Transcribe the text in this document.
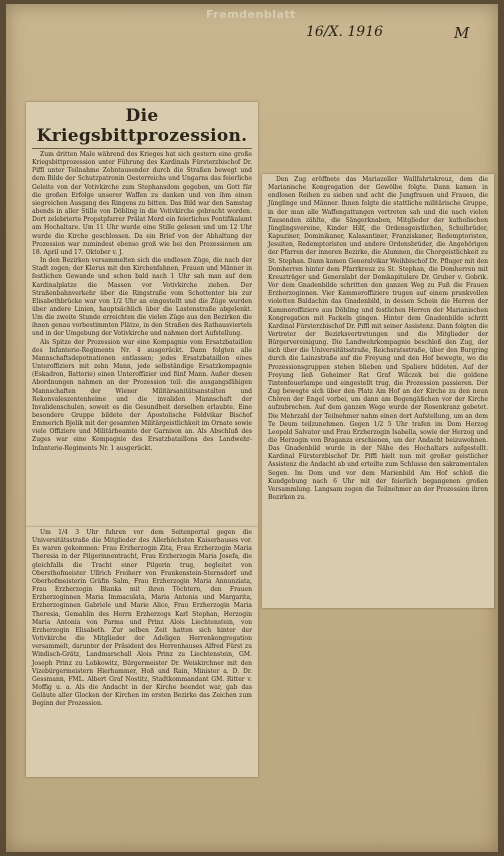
Fremdenblatt
16/X. 1916	M
Die Kriegsbittprozession.

Zum dritten Male während des Krieges hat sich gestern eine große Kriegsbittprozession unter Führung des Kardinals Fürsterzbischof Dr. Piffl unter Teilnahme Zehntausender durch die Straßen bewegt und dem Bilde der Schutzpatronin Oesterreichs und Ungarns das feierliche Geleite von der Votivkirche zum Stephansdom gegeben, um Gott für die großen Erfolge unserer Waffen zu danken und von ihm einen siegreichen Ausgang des Ringens zu bitten. Das Bild war den Samstag abends in aller Stille von Döbling in die Votivkirche gebracht worden. Dort zelebrierte Propstpfarrer Prälat Mord ein feierliches Pontifikalamt am Hochaltare. Um 11 Uhr wurde eine Stille gelesen und um 12 Uhr wurde die Kirche geschlossen. Da ein Brief von der Abhaltung der Prozession war zumindest ebenso groß wie bei den Prozessionen am 18. April und 17. Oktober v. J.

In den Bezirken versammelten sich die endlosen Züge, die nach der Stadt zogen; der Klerus mit den Kirchenfahnen, Frauen und Männer in festlichen Gewande und schon bald nach 1 Uhr sah man auf dem Kardinalplatze die Massen vor Votivkirche ziehen. Der Straßenbahnverkehr über die Ringstraße vom Schottentor bis zur Elisabethbrücke war von 1/2 Uhr an eingestellt und die Züge wurden über andere Linien, hauptsächlich über die Lastenstraße abgelenkt. Um die zweite Stunde erreichten die vielen Züge aus den Bezirken die ihnen genau vorbestimmten Plätze, in den Straßen des Rathausviertels und in der Umgebung der Votivkirche und nahmen dort Aufstellung.

Als Spitze der Prozession war eine Kompagnie vom Ersatzbataillon des Infanterie-Regiments Nr. 4 ausgerückt. Dann folgten alle Mannschaftsdepotnationen entlassen; jedes Ersatzbataillon eines Unteroffiziers mit zehn Mann, jede selbständige Ersatzkompagnie (Eskadron, Batterie) einen Unteroffizier und fünf Mann. Außer diesen Abordnungen nahmen an der Prozession teil: die ausgangsfähigen Mannschaften der Wiener Militärsanitätsanstalten und Rekonvaleszentenheime und die invaliden Mannschaft der Invalidenschulen, soweit es die Gesundheit derselben erlaubte. Eine besondere Gruppe bildete der Apostolische Feldvikar Bischof Emmerich Bjelik mit der gesamten Militärgeistlichkeit im Ornate sowie viele Offiziere und Militärbeamte der Garnison an. Als Abschluß des Zuges war eine Kompagnie des Ersatzbataillons des Landwehr-Infanterie-Regiments Nr. 1 ausgerückt.

Um 1/4 3 Uhr fuhren vor dem Seitenportal gegen die Universitätsstraße die Mitglieder des Allerhöchsten Kaiserhauses vor. Es waren gekommen: Frau Erzherzogin Zita, Frau Erzherzogin Maria Theresia in der Pilgerinnentracht, Frau Erzherzogin Maria Josefa, die gleichfalls die Tracht einer Pilgerin trug, begleitet von Obersthofmeister Ullrich Freiherr von Frankenstein-Sternsdorf und Oberhofmeisterin Gräfin Salm, Frau Erzherzogin Maria Annunziata, Frau Erzherzogin Blanka mit ihren Töchtern, den Frauen Erzherzoginnen Maria Immaculata, Maria Antonia und Margarita, Erzherzoginnen Gabriele und Marie Alice, Frau Erzherzogin Maria Theresia, Gemahlin des Herrn Erzherzogs Karl Stephan, Herzogin Maria Antonia von Parma und Prinz Alois Liechtenstein, von Erzherzogin Elisabeth. Zur selben Zeit hatten sich hinter der Votivkirche die Mitglieder der Adeligen Herrenkongregation versammelt, darunter der Präsident des Herrenhauses Alfred Fürst zu Windisch-Grätz, Landmarschall Alois Prinz zu Liechtenstein, GM. Joseph Prinz zu Lobkowitz, Bürgermeister Dr. Weiskirchner mit den Vizebürgermeistern Hierhammer, Hoß und Rain, Minister a. D. Dr. Gessmann, FML. Albert Graf Nostitz, Stadtkommandant GM. Ritter v. Moffig u. a. Als die Andacht in der Kirche beendet war, gab das Geläute aller Glocken der Kirchen im ersten Bezirke das Zeichen zum Beginn der Prozession.

Den Zug eröffnete das Mariazeller Wallfahrtskreuz, dem die Marianische Kongregation der Gewölbe folgte. Dann kamen in endlosen Reihen zu sieben und acht die Jungfrauen und Frauen, die Jünglinge und Männer. Ihnen folgte die stattliche militärische Gruppe, in der man alle Waffengattungen vertreten sah und die nach vielen Tausenden zählte, die Sängerknaben, Mitglieder der katholischen Jünglingsvereine, Kinder Hilf, die Ordensgeistlichen, Schulbrüder, Kapuziner, Dominikaner, Kalasantiner, Franziskaner, Redemptoristen, Jesuiten, Redemptoristen und andere Ordensbrüder, die Angehörigen der Pfarren der inneren Bezirke, die Alumnen, die Chorgeistlichkeit zu St. Stephan. Dann kamen Generalvikar Weihbischof Dr. Pfluger mit den Domherren hinter dem Pfarrkreuz zu St. Stephan, die Domherren mit Kreuzträger und Generalabt der Domkapitulare Dr. Gruber v. Gobrik. Vor dem Gnadenbilde schritten den ganzen Weg zu Fuß die Frauen Erzherzoginnen. Vier Kammeroffiziere trugen auf einem prunkvollen violetten Baldachin das Gnadenbild, in dessen Schein die Herren der Kammeroffiziere aus Döbling und festlichen Herren der Marianischen Kongregation mit Fackeln gingen. Hinter dem Gnadenbilde schritt Kardinal Fürsterzbischof Dr. Piffl mit seiner Assistenz. Dann folgten die Vertreter der Bezirksvertretungen und die Mitglieder der Bürgervereinigung. Die Landwehrkompagnie beschloß den Zug, der sich über die Universitätsstraße, Reichsratsstraße, über den Burgring durch die Lainzstraße auf die Freyung und den Hof bewegte, wo die Prozessionsgruppen stehen blieben und Spaliere bildeten. Auf der Freyung ließ Geheimer Rat Graf Wilczek bei die goldene Tintenfeuerlampe und eingestellt trug, die Prozession passieren. Der Zug bewegte sich über den Platz Am Hof an der Kirche zu den neun Chören der Engel vorbei, um dann am Bogengäßchen vor der Kirche aufzubrechen. Auf dem ganzen Wege wurde der Rosenkranz gebetet. Die Mehrzahl der Teilnehmer nahm einen dort Aufstellung, um an dem Te Deum teilzunehmen. Gegen 1/2 5 Uhr trafen im Dom Herzog Leopold Salvator und Frau Erzherzogin Isabella, sowie der Herzog und die Herzogin von Braganza erschienen, um der Andacht beizuwohnen. Das Gnadenbild wurde in der Nähe des Hochaltars aufgestellt. Kardinal Fürsterzbischof Dr. Piffl hielt nun mit großer geistlicher Assistenz die Andacht ab und erteilte zum Schlusse den sakramentalen Segen. Im Dom und vor dem Marienbild Am Hof schloß die Kundgebung nach 6 Uhr mit der feierlich begangenen großen Versammlung. Langsam zogen die Teilnehmer an der Prozession ihren Bezirken zu.
